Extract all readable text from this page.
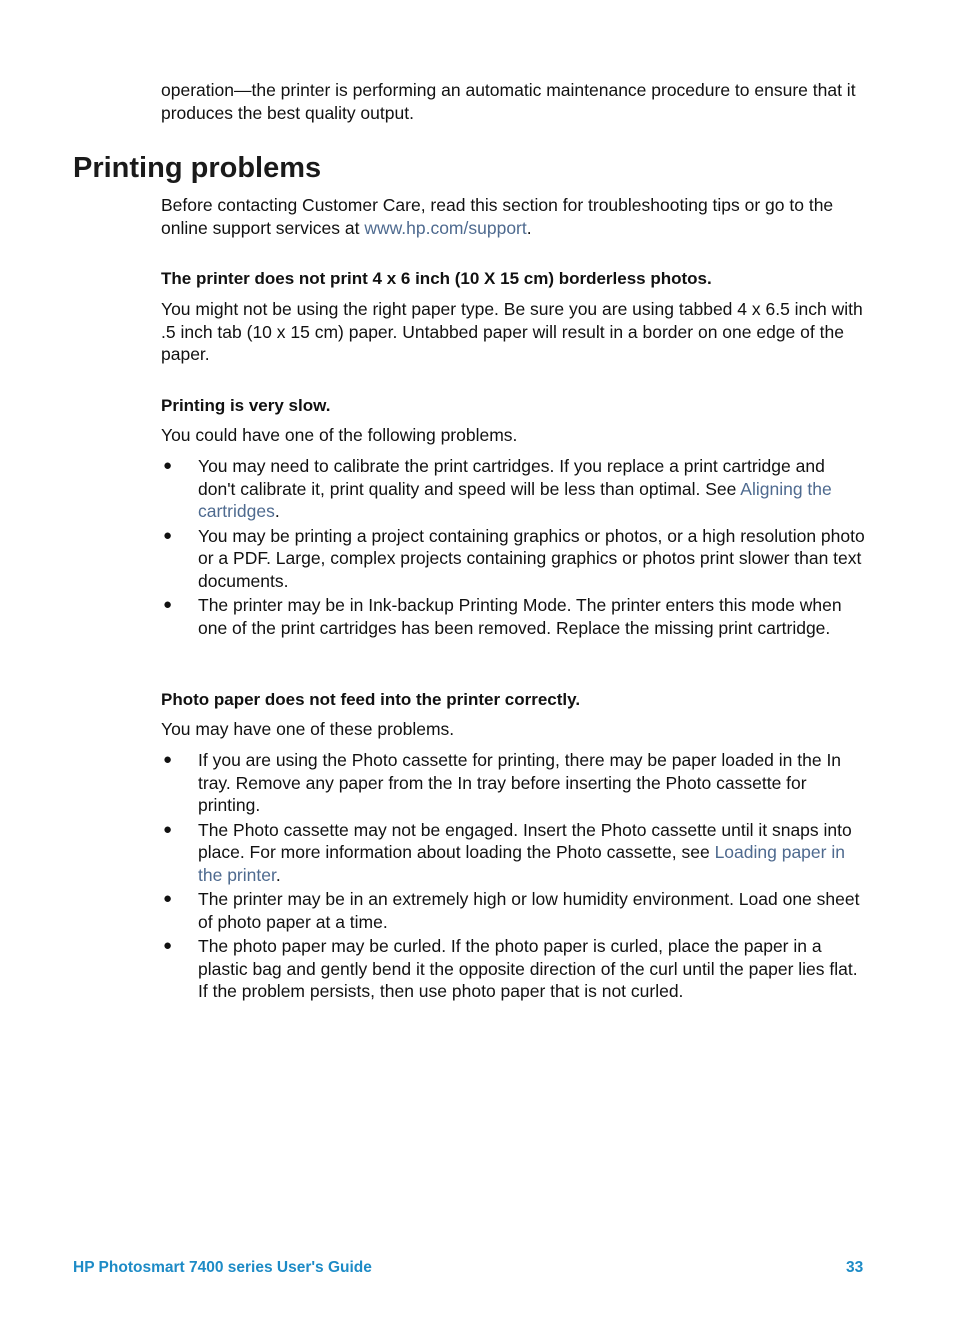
operation—the printer is performing an automatic maintenance procedure to ensure that it produces the best quality output.

Printing problems

Before contacting Customer Care, read this section for troubleshooting tips or go to the online support services at www.hp.com/support.

The printer does not print 4 x 6 inch (10 X 15 cm) borderless photos.

You might not be using the right paper type. Be sure you are using tabbed 4 x 6.5 inch with .5 inch tab (10 x 15 cm) paper. Untabbed paper will result in a border on one edge of the paper.

Printing is very slow.

You could have one of the following problems.

● You may need to calibrate the print cartridges. If you replace a print cartridge and don't calibrate it, print quality and speed will be less than optimal. See Aligning the cartridges.
● You may be printing a project containing graphics or photos, or a high resolution photo or a PDF. Large, complex projects containing graphics or photos print slower than text documents.
● The printer may be in Ink-backup Printing Mode. The printer enters this mode when one of the print cartridges has been removed. Replace the missing print cartridge.
Photo paper does not feed into the printer correctly.

You may have one of these problems.

● If you are using the Photo cassette for printing, there may be paper loaded in the In tray. Remove any paper from the In tray before inserting the Photo cassette for printing.
● The Photo cassette may not be engaged. Insert the Photo cassette until it snaps into place. For more information about loading the Photo cassette, see Loading paper in the printer.
● The printer may be in an extremely high or low humidity environment. Load one sheet of photo paper at a time.
● The photo paper may be curled. If the photo paper is curled, place the paper in a plastic bag and gently bend it the opposite direction of the curl until the paper lies flat. If the problem persists, then use photo paper that is not curled.

HP Photosmart 7400 series User's Guide	33
